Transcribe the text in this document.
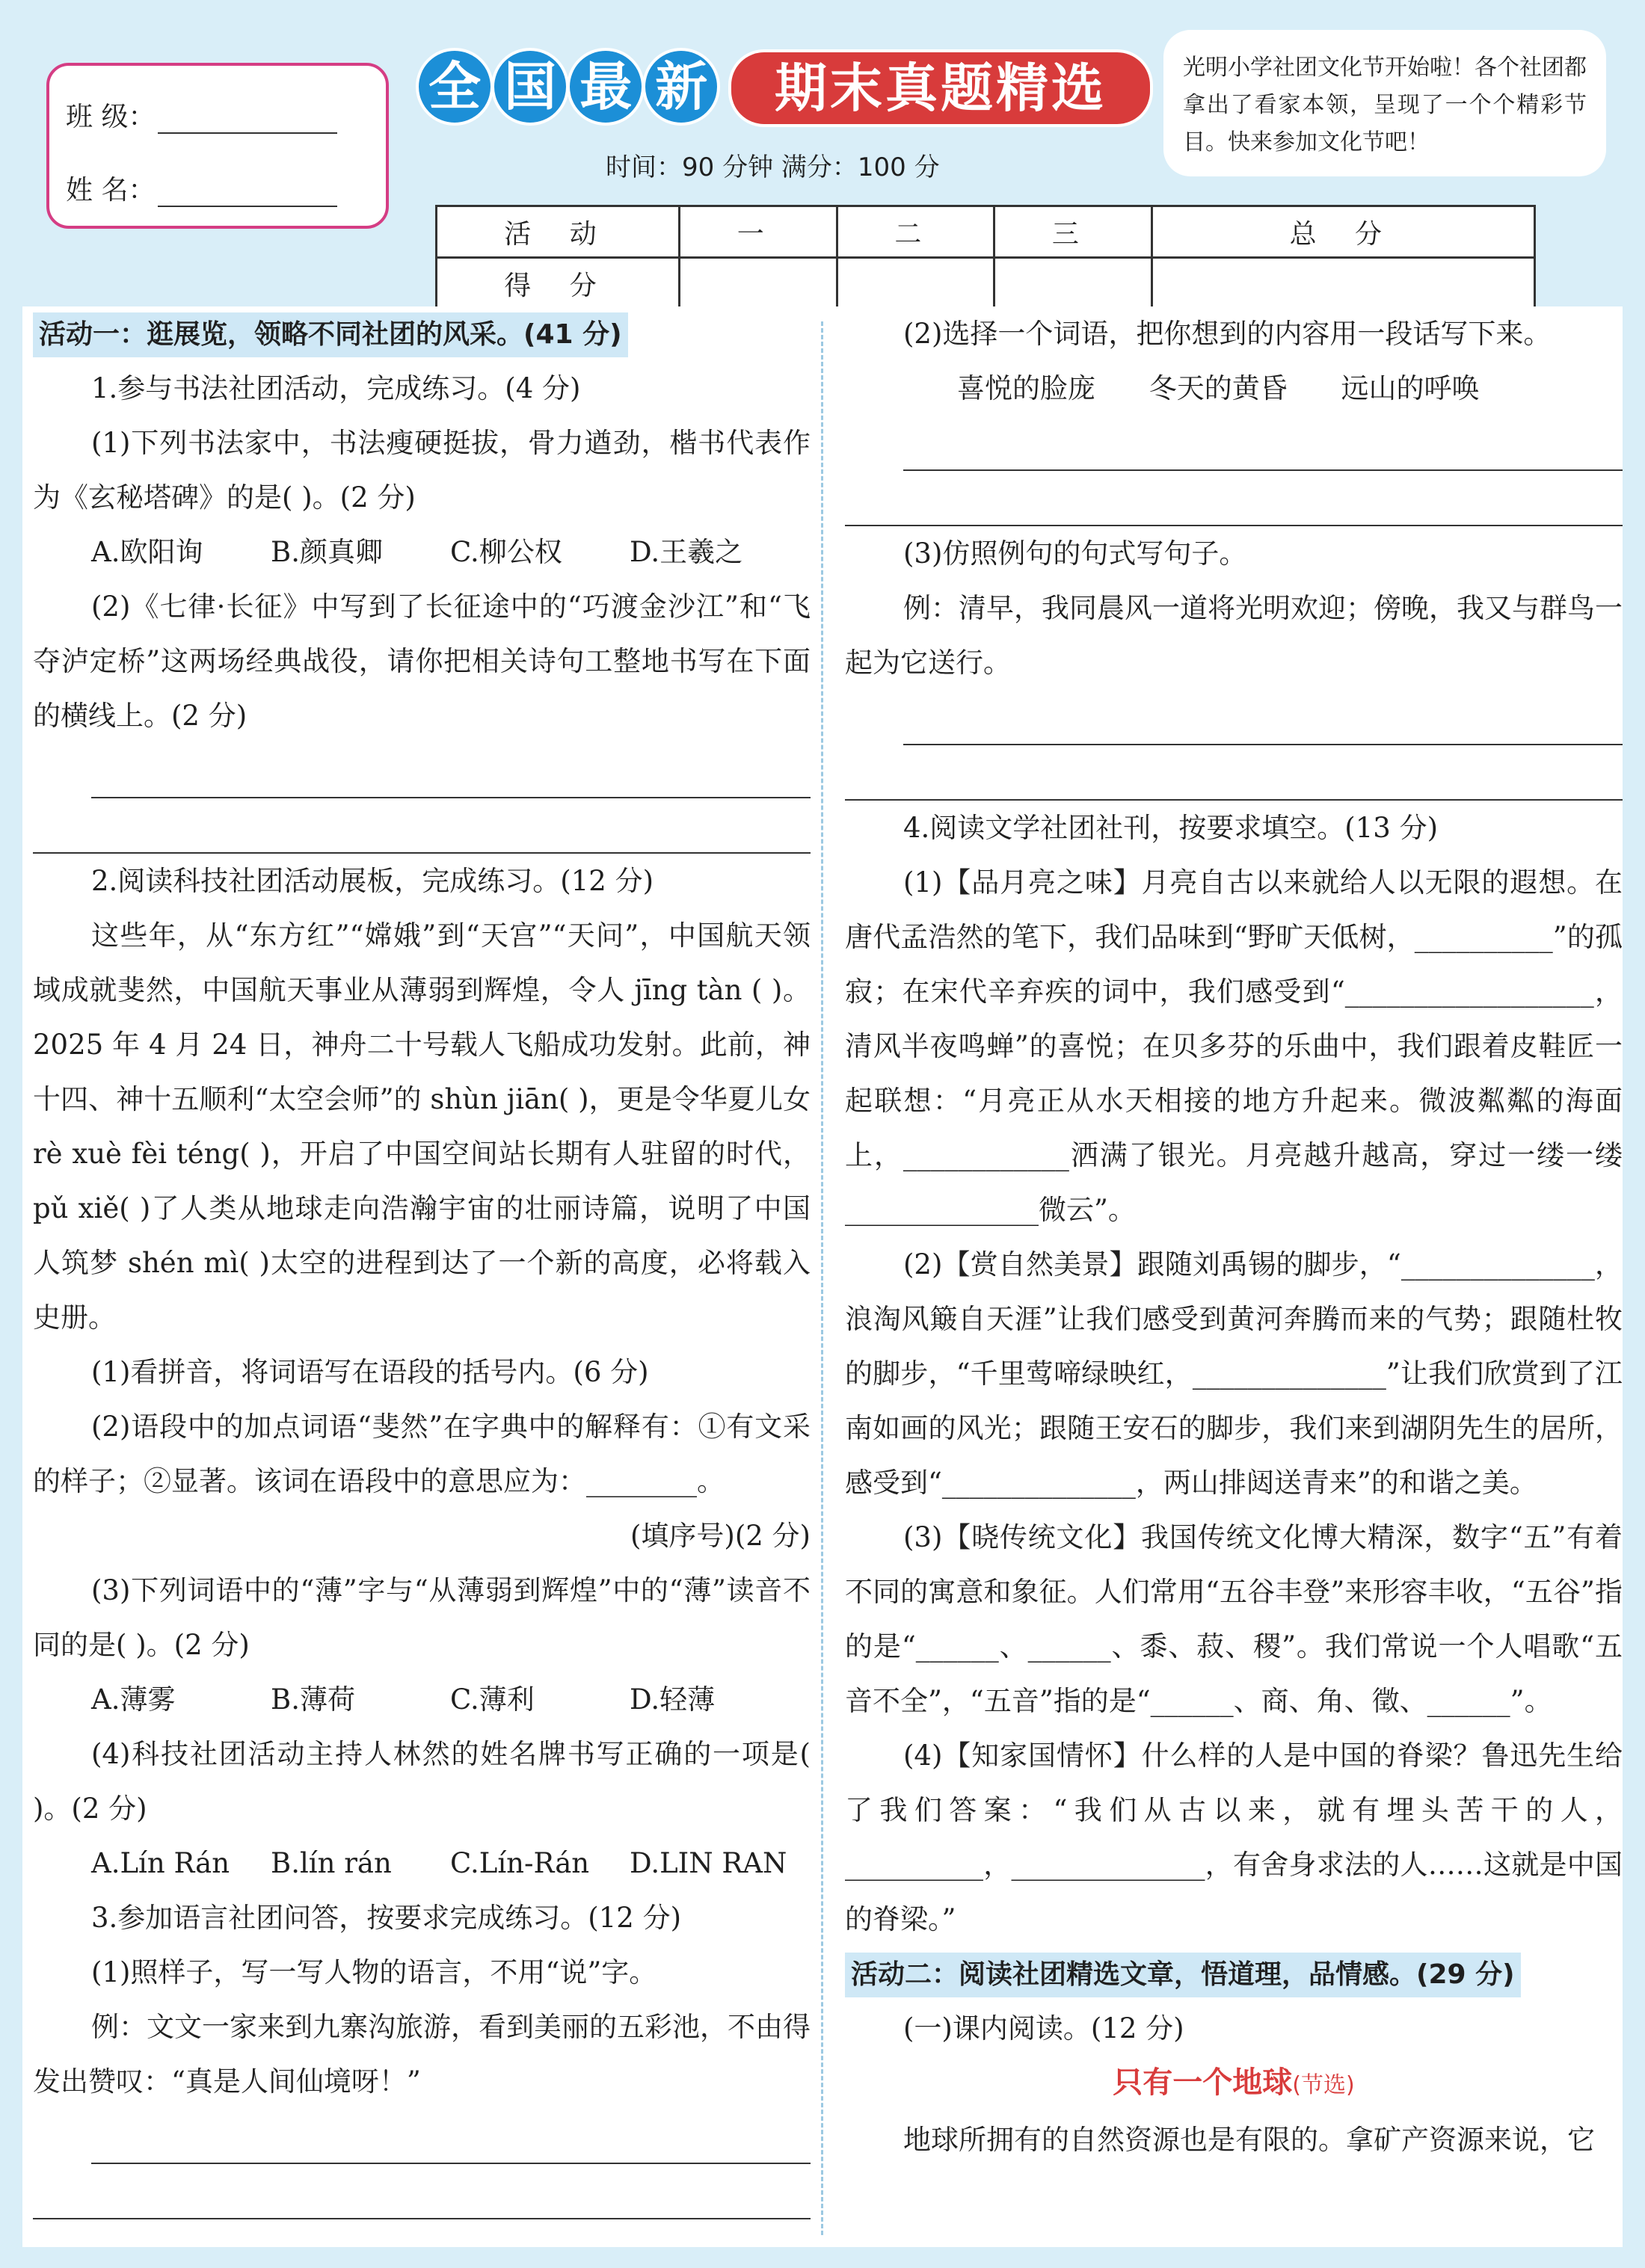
班 级：
姓 名：
全 国 最 新	期末真题精选
时间：90 分钟 满分：100 分

光明小学社团文化节开始啦！各个社团都拿出了看家本领，呈现了一个个精彩节目。快来参加文化节吧！

活 动	一	二	三	总 分
得 分				
活动一：逛展览，领略不同社团的风采。(41 分)

1.参与书法社团活动，完成练习。(4 分)

(1)下列书法家中，书法瘦硬挺拔，骨力遒劲，楷书代表作为《玄秘塔碑》的是( )。(2 分)

A.欧阳询	B.颜真卿	C.柳公权	D.王羲之

(2)《七律·长征》中写到了长征途中的“巧渡金沙江”和“飞夺泸定桥”这两场经典战役，请你把相关诗句工整地书写在下面的横线上。(2 分)

2.阅读科技社团活动展板，完成练习。(12 分)

这些年，从“东方红”“嫦娥”到“天宫”“天问”，中国航天领域成就斐然，中国航天事业从薄弱到辉煌，令人 jīng tàn ( )。2025 年 4 月 24 日，神舟二十号载人飞船成功发射。此前，神十四、神十五顺利“太空会师”的 shùn jiān( )，更是令华夏儿女 rè xuè fèi téng( )，开启了中国空间站长期有人驻留的时代，pǔ xiě( )了人类从地球走向浩瀚宇宙的壮丽诗篇，说明了中国人筑梦 shén mì( )太空的进程到达了一个新的高度，必将载入史册。

(1)看拼音，将词语写在语段的括号内。(6 分)

(2)语段中的加点词语“斐然”在字典中的解释有：①有文采的样子；②显著。该词在语段中的意思应为：________。

(填序号)(2 分)

(3)下列词语中的“薄”字与“从薄弱到辉煌”中的“薄”读音不同的是( )。(2 分)

A.薄雾	B.薄荷	C.薄利	D.轻薄

(4)科技社团活动主持人林然的姓名牌书写正确的一项是( )。(2 分)

A.Lín Rán	B.lín rán	C.Lín-Rán	D.LIN RAN

3.参加语言社团问答，按要求完成练习。(12 分)

(1)照样子，写一写人物的语言，不用“说”字。

例：文文一家来到九寨沟旅游，看到美丽的五彩池，不由得发出赞叹：“真是人间仙境呀！”

(2)选择一个词语，把你想到的内容用一段话写下来。

喜悦的脸庞 冬天的黄昏 远山的呼唤

(3)仿照例句的句式写句子。

例：清早，我同晨风一道将光明欢迎；傍晚，我又与群鸟一起为它送行。

4.阅读文学社团社刊，按要求填空。(13 分)

(1)【品月亮之味】月亮自古以来就给人以无限的遐想。在唐代孟浩然的笔下，我们品味到“野旷天低树，__________”的孤寂；在宋代辛弃疾的词中，我们感受到“__________________，清风半夜鸣蝉”的喜悦；在贝多芬的乐曲中，我们跟着皮鞋匠一起联想：“月亮正从水天相接的地方升起来。微波粼粼的海面上，____________洒满了银光。月亮越升越高，穿过一缕一缕______________微云”。

(2)【赏自然美景】跟随刘禹锡的脚步，“______________，浪淘风簸自天涯”让我们感受到黄河奔腾而来的气势；跟随杜牧的脚步，“千里莺啼绿映红，______________”让我们欣赏到了江南如画的风光；跟随王安石的脚步，我们来到湖阴先生的居所，感受到“______________，两山排闼送青来”的和谐之美。

(3)【晓传统文化】我国传统文化博大精深，数字“五”有着不同的寓意和象征。人们常用“五谷丰登”来形容丰收，“五谷”指的是“______、______、黍、菽、稷”。我们常说一个人唱歌“五音不全”，“五音”指的是“______、商、角、徵、______”。

(4)【知家国情怀】什么样的人是中国的脊梁？鲁迅先生给了我们答案：“我们从古以来，就有埋头苦干的人，__________，______________，有舍身求法的人……这就是中国的脊梁。”

活动二：阅读社团精选文章，悟道理，品情感。(29 分)

(一)课内阅读。(12 分)

只有一个地球(节选)

地球所拥有的自然资源也是有限的。拿矿产资源来说，它
